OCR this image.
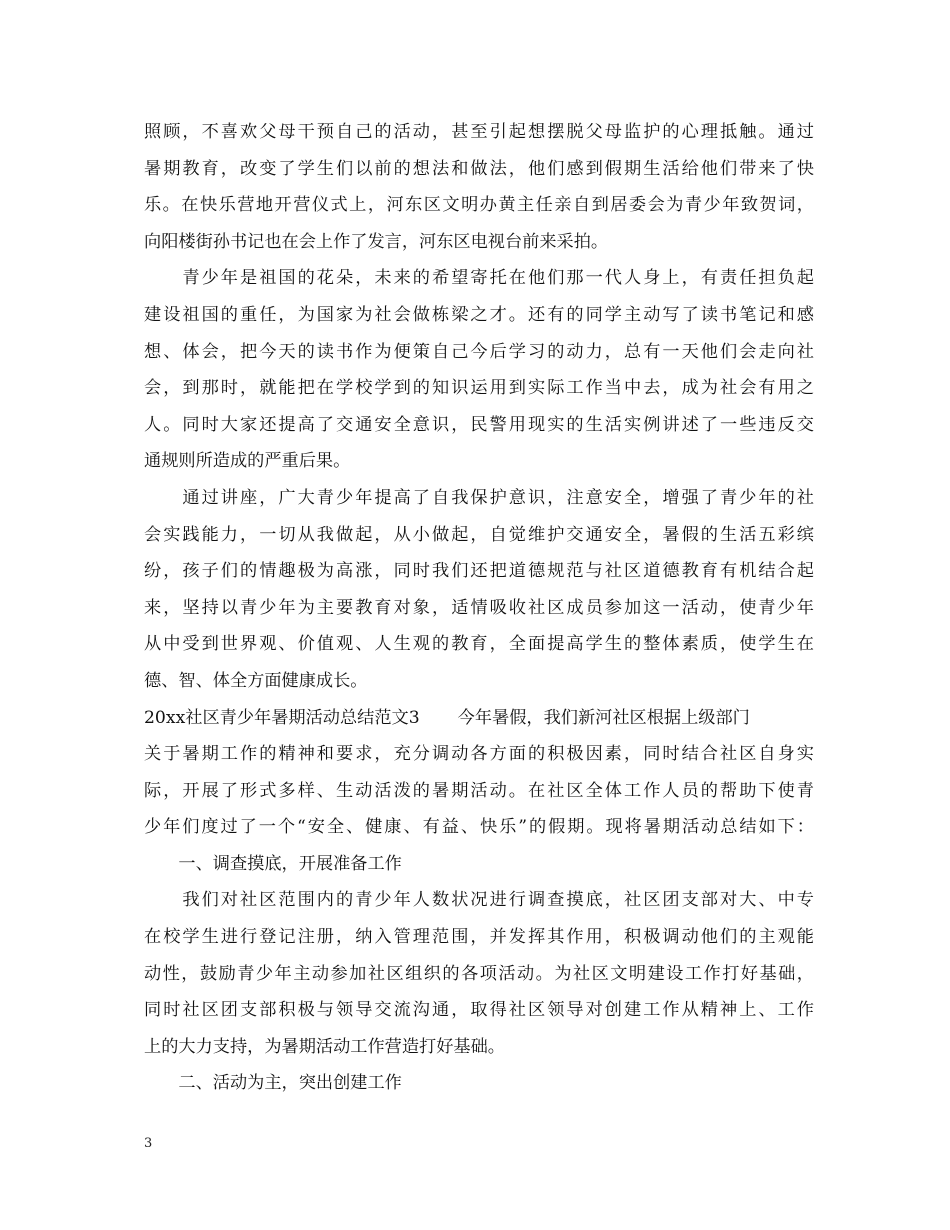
照顾，不喜欢父母干预自己的活动，甚至引起想摆脱父母监护的心理抵触。通过
暑期教育，改变了学生们以前的想法和做法，他们感到假期生活给他们带来了快
乐。在快乐营地开营仪式上，河东区文明办黄主任亲自到居委会为青少年致贺词，
向阳楼街孙书记也在会上作了发言，河东区电视台前来采拍。
　　青少年是祖国的花朵，未来的希望寄托在他们那一代人身上，有责任担负起
建设祖国的重任，为国家为社会做栋梁之才。还有的同学主动写了读书笔记和感
想、体会，把今天的读书作为便策自己今后学习的动力，总有一天他们会走向社
会，到那时，就能把在学校学到的知识运用到实际工作当中去，成为社会有用之
人。同时大家还提高了交通安全意识，民警用现实的生活实例讲述了一些违反交
通规则所造成的严重后果。
　　通过讲座，广大青少年提高了自我保护意识，注意安全，增强了青少年的社
会实践能力，一切从我做起，从小做起，自觉维护交通安全，暑假的生活五彩缤
纷，孩子们的情趣极为高涨，同时我们还把道德规范与社区道德教育有机结合起
来，坚持以青少年为主要教育对象，适情吸收社区成员参加这一活动，使青少年
从中受到世界观、价值观、人生观的教育，全面提高学生的整体素质，使学生在
德、智、体全方面健康成长。
20xx社区青少年暑期活动总结范文3 今年暑假，我们新河社区根据上级部门
关于暑期工作的精神和要求，充分调动各方面的积极因素，同时结合社区自身实
际，开展了形式多样、生动活泼的暑期活动。在社区全体工作人员的帮助下使青
少年们度过了一个“安全、健康、有益、快乐”的假期。现将暑期活动总结如下：
　　一、调查摸底，开展准备工作
　　我们对社区范围内的青少年人数状况进行调查摸底，社区团支部对大、中专
在校学生进行登记注册，纳入管理范围，并发挥其作用，积极调动他们的主观能
动性，鼓励青少年主动参加社区组织的各项活动。为社区文明建设工作打好基础，
同时社区团支部积极与领导交流沟通，取得社区领导对创建工作从精神上、工作
上的大力支持，为暑期活动工作营造打好基础。
　　二、活动为主，突出创建工作
3
